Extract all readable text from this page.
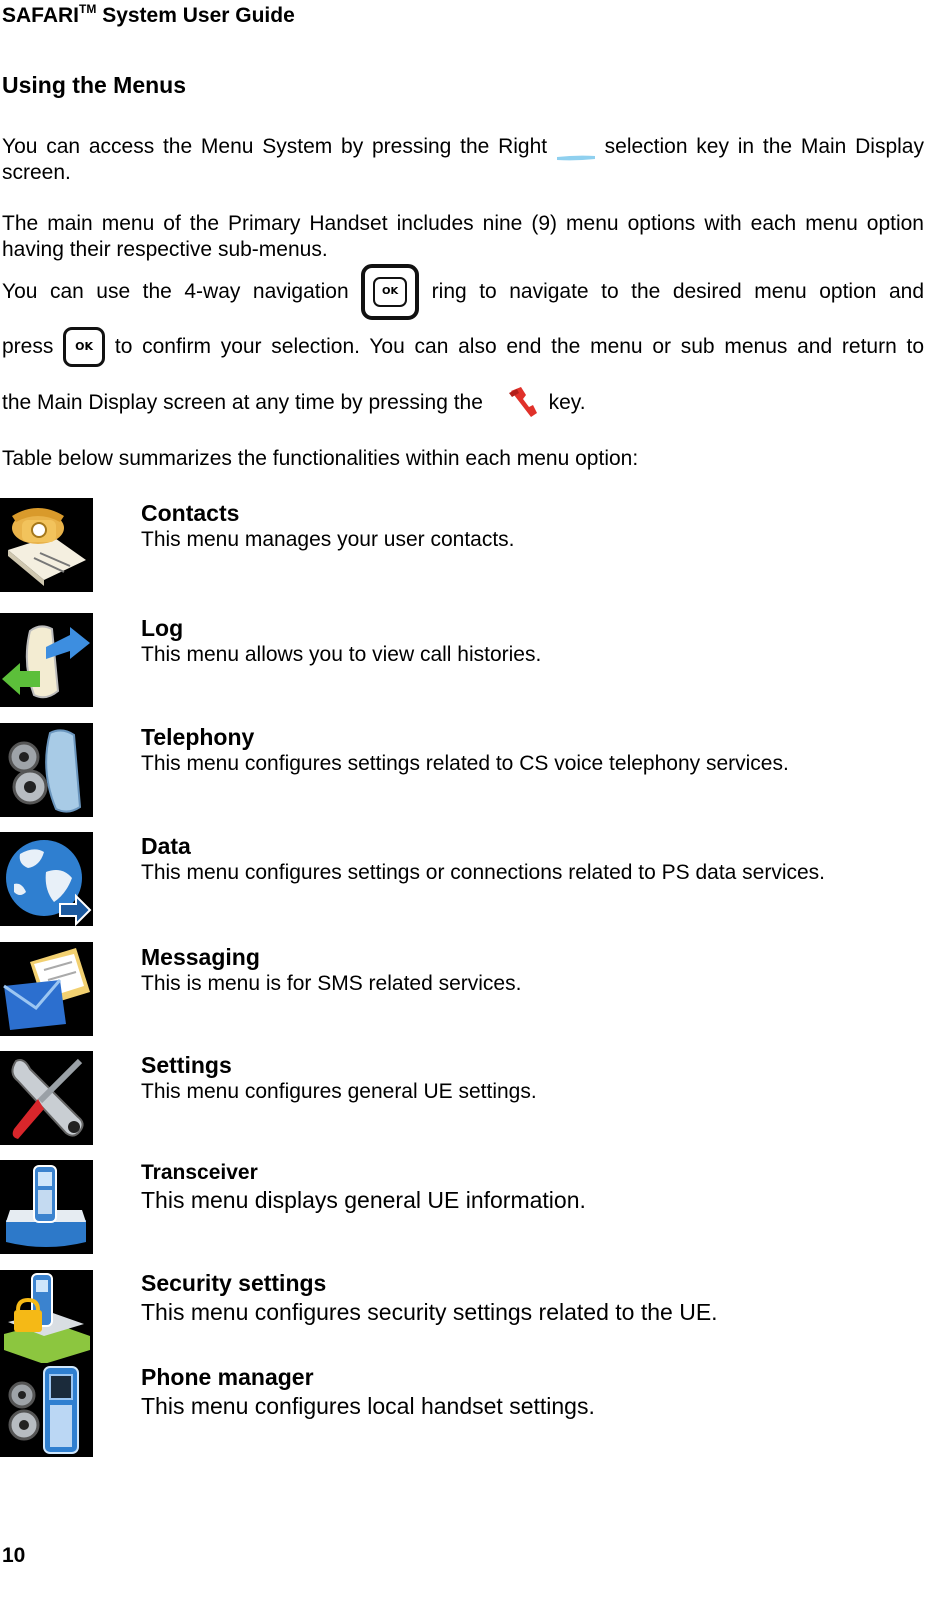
SAFARI™ System User Guide
Using the Menus
You can access the Menu System by pressing the Right	selection key in the Main Display screen.
The main menu of the Primary Handset includes nine (9) menu options with each menu option having their respective sub-menus.
You can use the 4-way navigation	OK	ring to navigate to the desired menu option and
press OK to confirm your selection. You can also end the menu or sub menus and return to
the Main Display screen at any time by pressing the	key.
Table below summarizes the functionalities within each menu option:
Contacts
This menu manages your user contacts.
Log
This menu allows you to view call histories.
Telephony
This menu configures settings related to CS voice telephony services.
Data
This menu configures settings or connections related to PS data services.
Messaging
This is menu is for SMS related services.
Settings
This menu configures general UE settings.
Transceiver
This menu displays general UE information.
Security settings
This menu configures security settings related to the UE.
Phone manager
This menu configures local handset settings.
10
